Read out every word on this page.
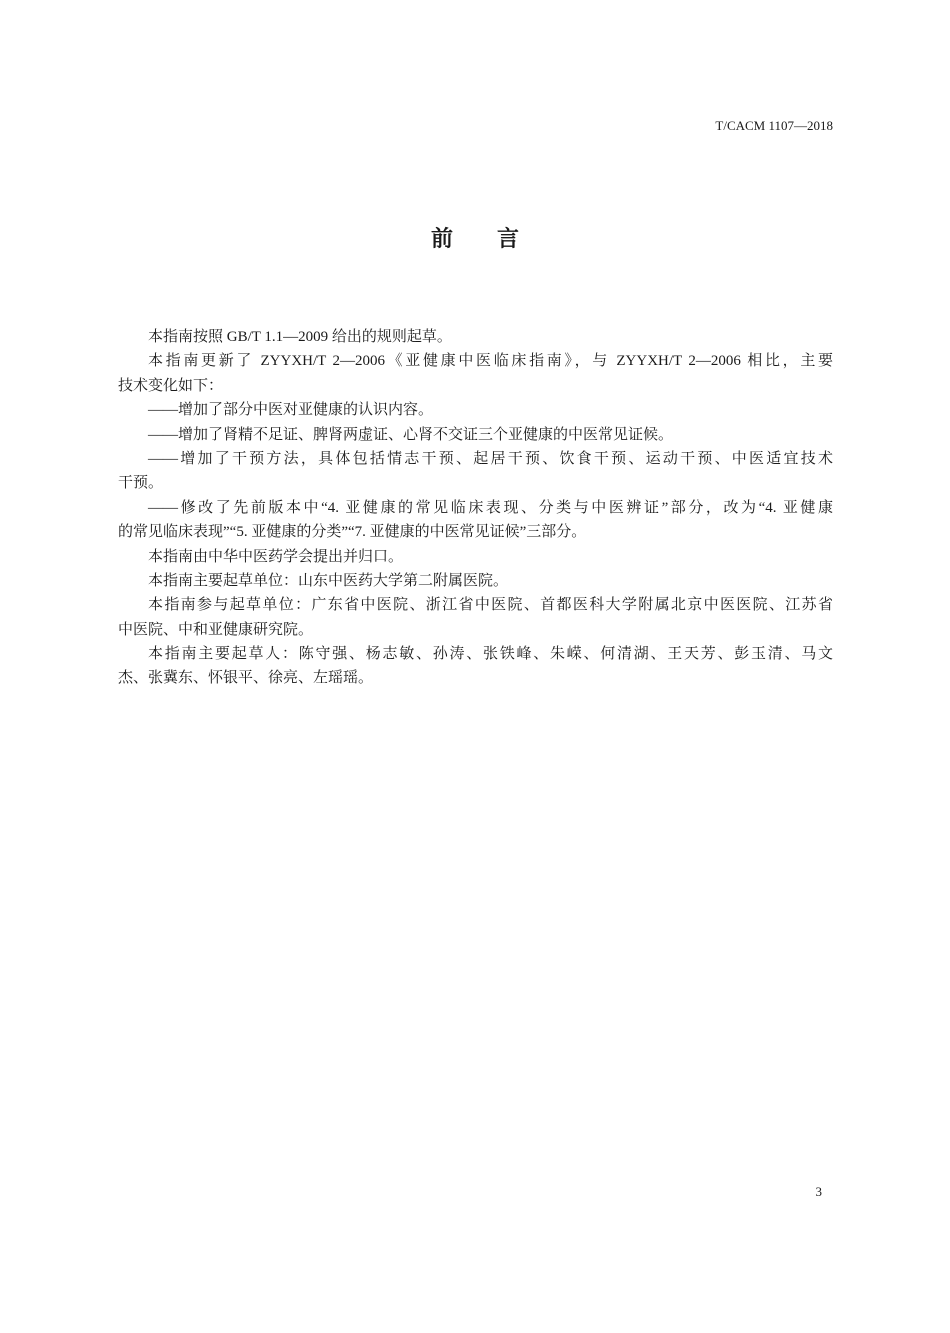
T/CACM 1107—2018
前　　言
本指南按照 GB/T 1.1—2009 给出的规则起草。
本指南更新了 ZYYXH/T 2—2006《亚健康中医临床指南》，与 ZYYXH/T 2—2006 相比，主要
技术变化如下：
——增加了部分中医对亚健康的认识内容。
——增加了肾精不足证、脾肾两虚证、心肾不交证三个亚健康的中医常见证候。
——增加了干预方法，具体包括情志干预、起居干预、饮食干预、运动干预、中医适宜技术
干预。
——修改了先前版本中“4. 亚健康的常见临床表现、分类与中医辨证”部分，改为“4. 亚健康
的常见临床表现”“5. 亚健康的分类”“7. 亚健康的中医常见证候”三部分。
本指南由中华中医药学会提出并归口。
本指南主要起草单位：山东中医药大学第二附属医院。
本指南参与起草单位：广东省中医院、浙江省中医院、首都医科大学附属北京中医医院、江苏省
中医院、中和亚健康研究院。
本指南主要起草人：陈守强、杨志敏、孙涛、张铁峰、朱嵘、何清湖、王天芳、彭玉清、马文
杰、张冀东、怀银平、徐亮、左瑶瑶。
3
